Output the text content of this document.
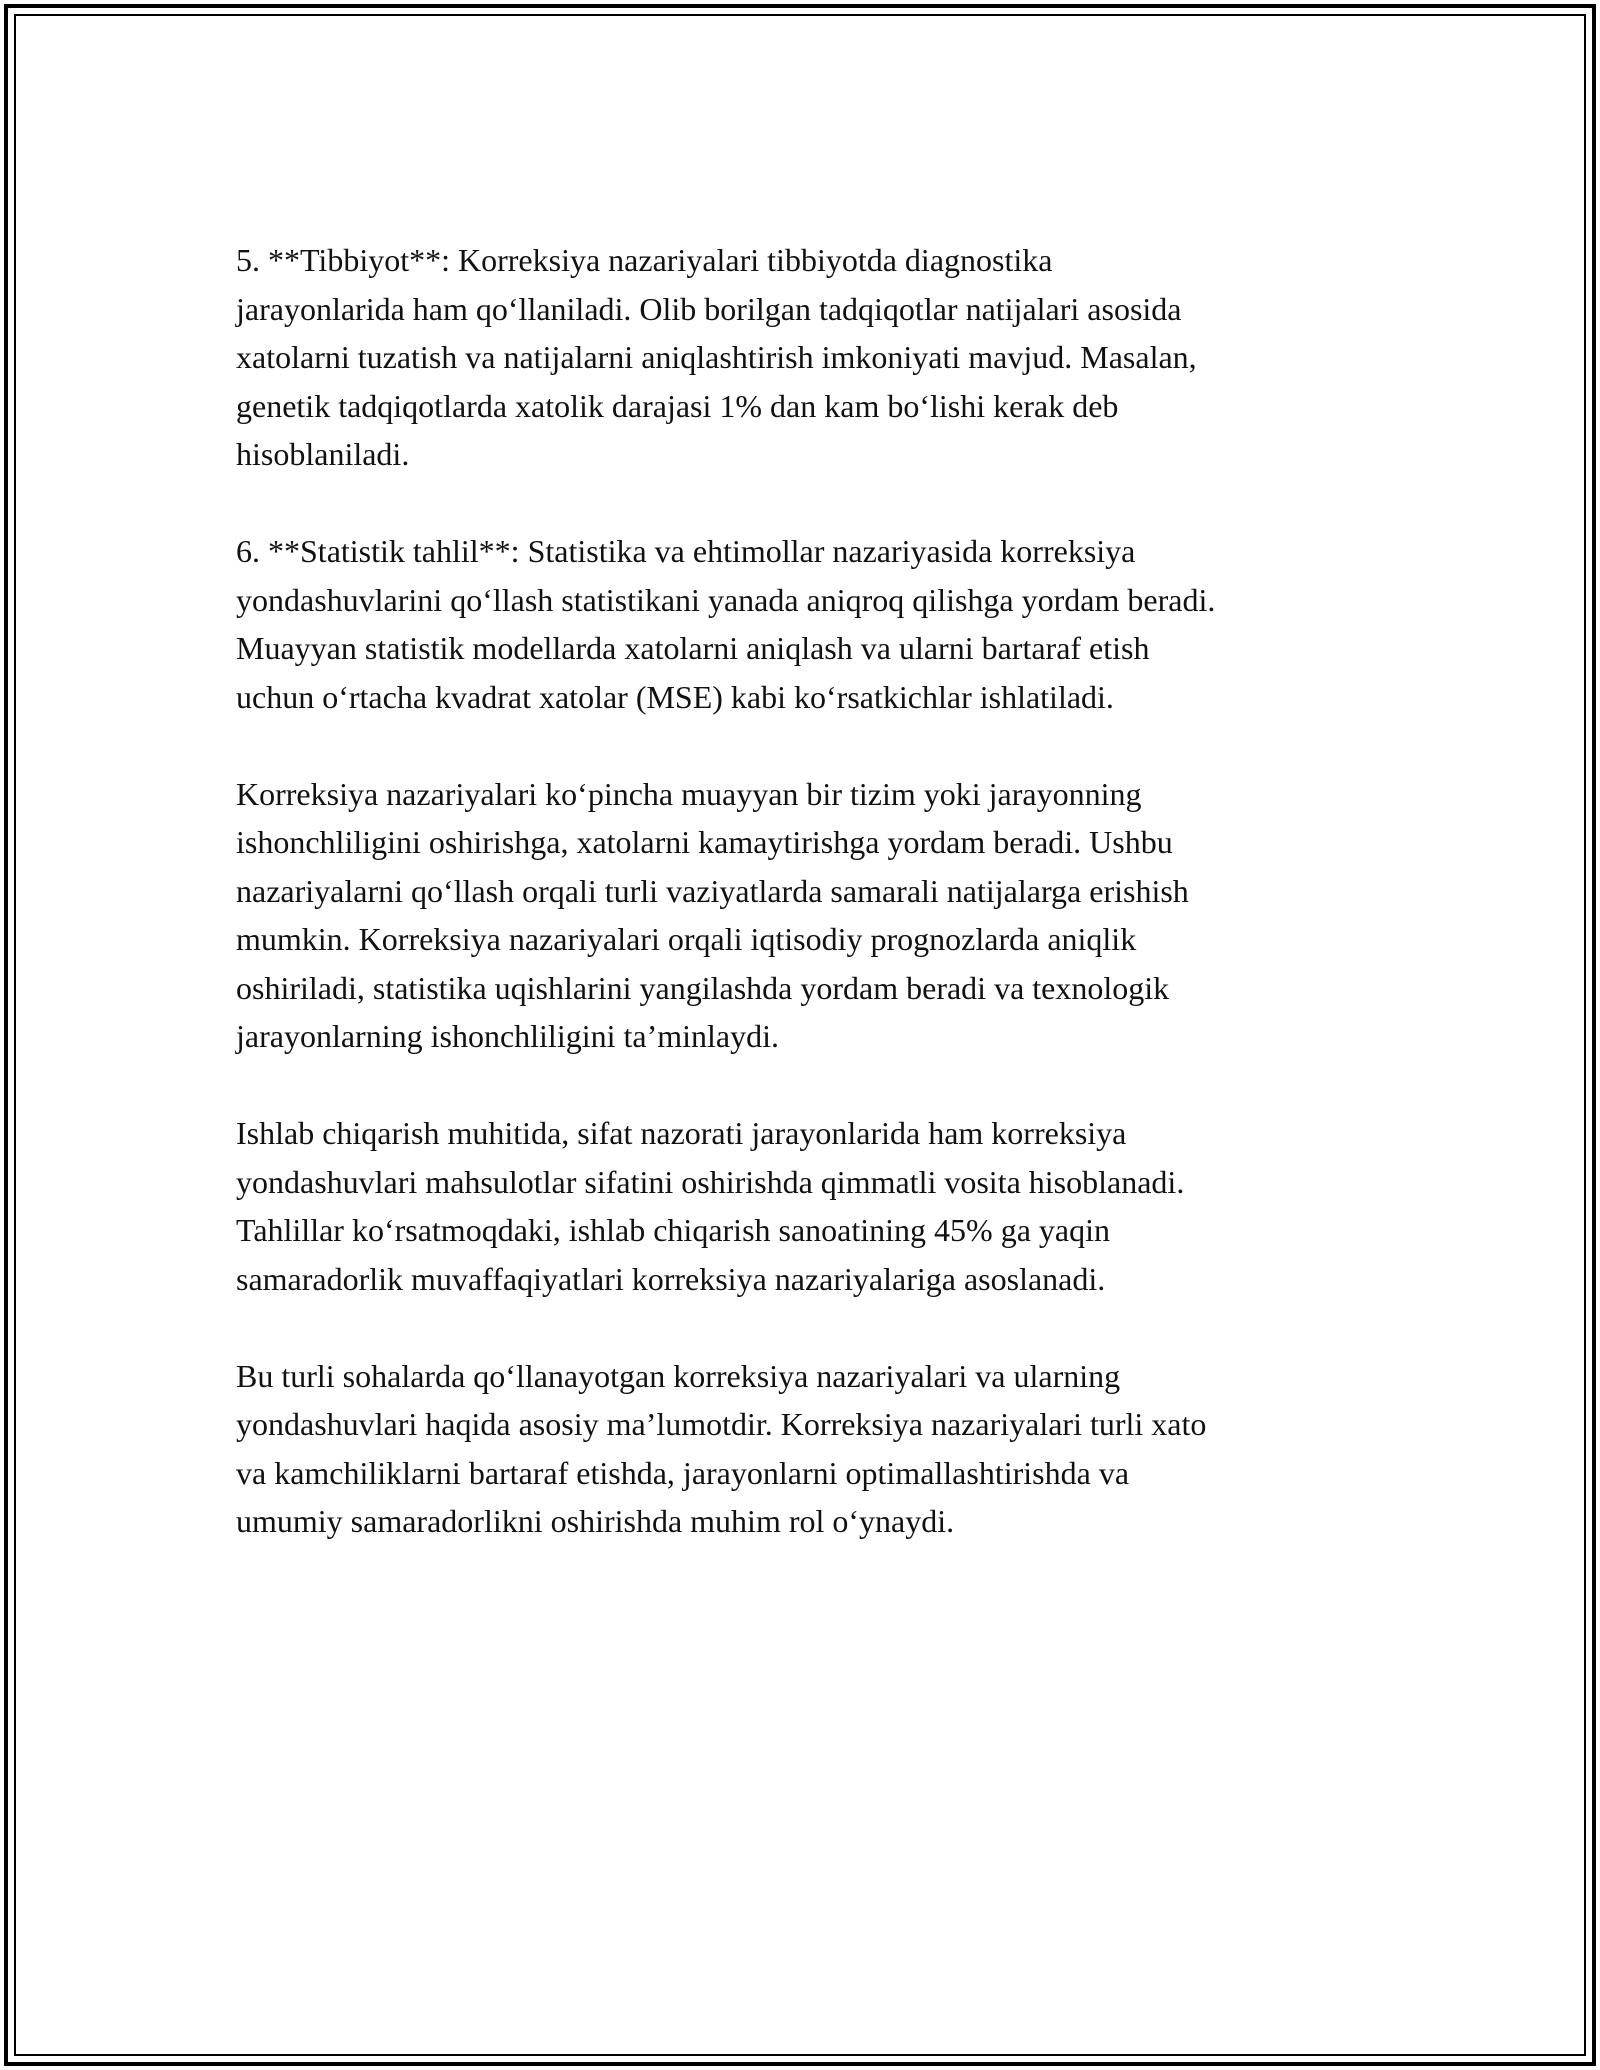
5. **Tibbiyot**: Korreksiya nazariyalari tibbiyotda diagnostika
jarayonlarida ham qoʻllaniladi. Olib borilgan tadqiqotlar natijalari asosida
xatolarni tuzatish va natijalarni aniqlashtirish imkoniyati mavjud. Masalan,
genetik tadqiqotlarda xatolik darajasi 1% dan kam boʻlishi kerak deb
hisoblaniladi.

6. **Statistik tahlil**: Statistika va ehtimollar nazariyasida korreksiya
yondashuvlarini qoʻllash statistikani yanada aniqroq qilishga yordam beradi.
Muayyan statistik modellarda xatolarni aniqlash va ularni bartaraf etish
uchun oʻrtacha kvadrat xatolar (MSE) kabi koʻrsatkichlar ishlatiladi.

Korreksiya nazariyalari koʻpincha muayyan bir tizim yoki jarayonning
ishonchliligini oshirishga, xatolarni kamaytirishga yordam beradi. Ushbu
nazariyalarni qoʻllash orqali turli vaziyatlarda samarali natijalarga erishish
mumkin. Korreksiya nazariyalari orqali iqtisodiy prognozlarda aniqlik
oshiriladi, statistika uqishlarini yangilashda yordam beradi va texnologik
jarayonlarning ishonchliligini taʼminlaydi.

Ishlab chiqarish muhitida, sifat nazorati jarayonlarida ham korreksiya
yondashuvlari mahsulotlar sifatini oshirishda qimmatli vosita hisoblanadi.
Tahlillar koʻrsatmoqdaki, ishlab chiqarish sanoatining 45% ga yaqin
samaradorlik muvaffaqiyatlari korreksiya nazariyalariga asoslanadi.

Bu turli sohalarda qoʻllanayotgan korreksiya nazariyalari va ularning
yondashuvlari haqida asosiy maʼlumotdir. Korreksiya nazariyalari turli xato
va kamchiliklarni bartaraf etishda, jarayonlarni optimallashtirishda va
umumiy samaradorlikni oshirishda muhim rol oʻynaydi.
